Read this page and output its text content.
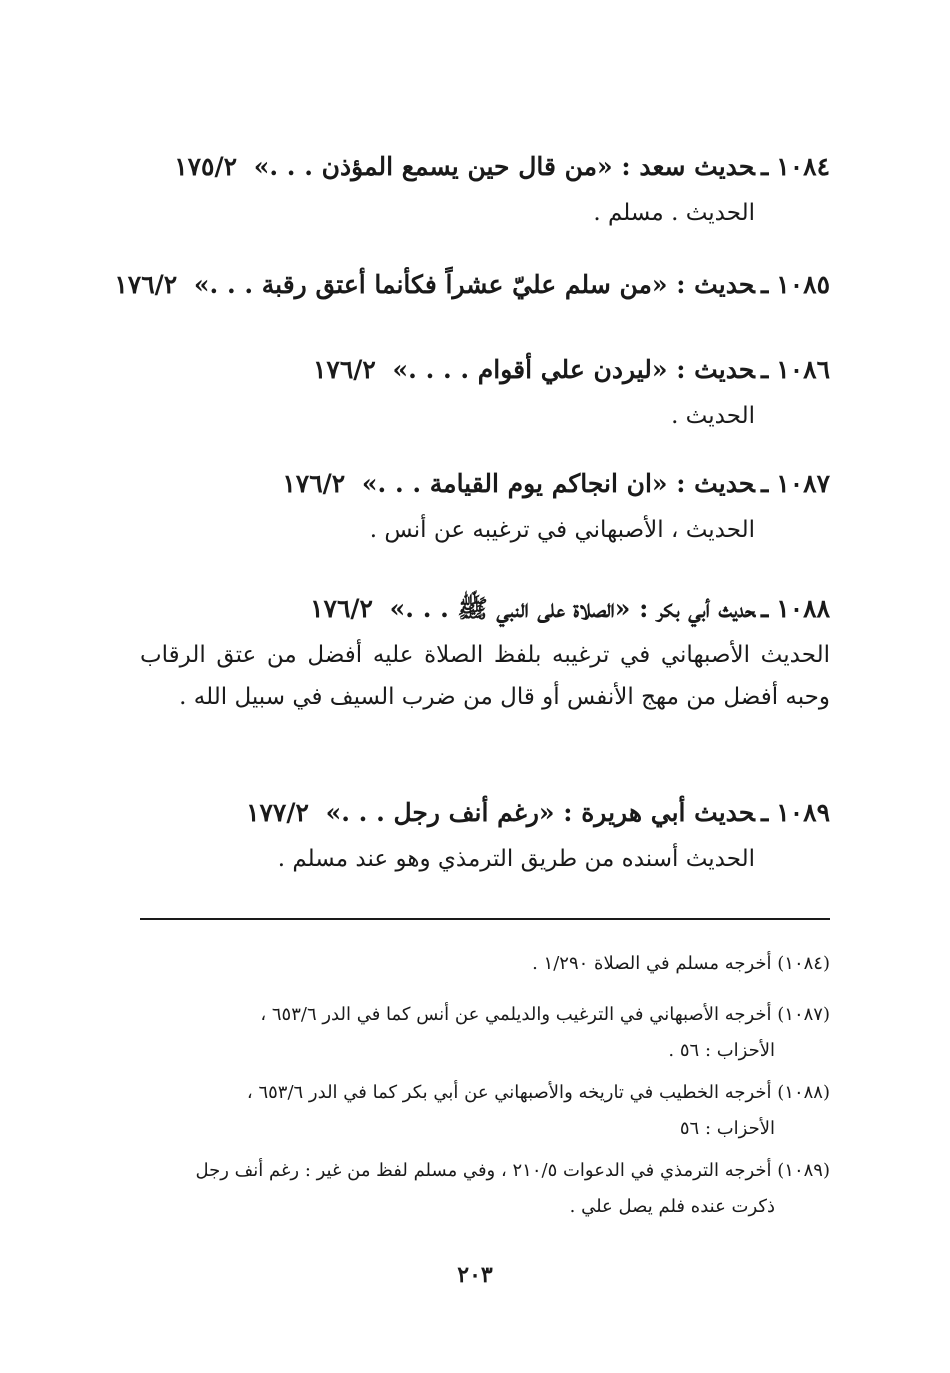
١٠٨٤ـحديث سعد : «من قال حين يسمع المؤذن . . .» ١٧٥/٢
الحديث . مسلم .
١٠٨٥ـحديث : «من سلم عليّ عشراً فكأنما أعتق رقبة . . .» ١٧٦/٢
١٠٨٦ـحديث : «ليردن علي أقوام . . . .» ١٧٦/٢
الحديث .
١٠٨٧ـحديث : «ان انجاكم يوم القيامة . . .» ١٧٦/٢
الحديث ، الأصبهاني في ترغيبه عن أنس .
١٠٨٨ـحديث أبي بكر : «الصلاة على النبي ﷺ . . .» ١٧٦/٢
الحديث الأصبهاني في ترغيبه بلفظ الصلاة عليه أفضل من عتق الرقاب وحبه أفضل من مهج الأنفس أو قال من ضرب السيف في سبيل الله .
١٠٨٩ـحديث أبي هريرة : «رغم أنف رجل . . .» ١٧٧/٢
الحديث أسنده من طريق الترمذي وهو عند مسلم .
(١٠٨٤) أخرجه مسلم في الصلاة ١/٢٩٠ .
(١٠٨٧) أخرجه الأصبهاني في الترغيب والديلمي عن أنس كما في الدر ٦٥٣/٦ ،
الأحزاب : ٥٦ .
(١٠٨٨) أخرجه الخطيب في تاريخه والأصبهاني عن أبي بكر كما في الدر ٦٥٣/٦ ،
الأحزاب : ٥٦
(١٠٨٩) أخرجه الترمذي في الدعوات ٢١٠/٥ ، وفي مسلم لفظ من غير : رغم أنف رجل
ذكرت عنده فلم يصل علي .
٢٠٣
